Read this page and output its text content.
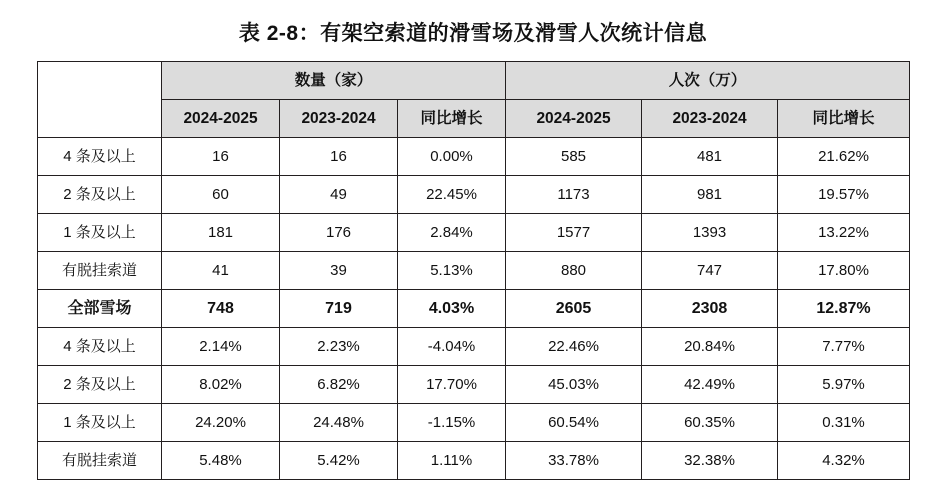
表 2-8：有架空索道的滑雪场及滑雪人次统计信息
	数量（家）			人次（万）		
	2024-2025	2023-2024	同比增长	2024-2025	2023-2024	同比增长
4 条及以上	16	16	0.00%	585	481	21.62%
2 条及以上	60	49	22.45%	1173	981	19.57%
1 条及以上	181	176	2.84%	1577	1393	13.22%
有脱挂索道	41	39	5.13%	880	747	17.80%
全部雪场	748	719	4.03%	2605	2308	12.87%
4 条及以上	2.14%	2.23%	-4.04%	22.46%	20.84%	7.77%
2 条及以上	8.02%	6.82%	17.70%	45.03%	42.49%	5.97%
1 条及以上	24.20%	24.48%	-1.15%	60.54%	60.35%	0.31%
有脱挂索道	5.48%	5.42%	1.11%	33.78%	32.38%	4.32%
